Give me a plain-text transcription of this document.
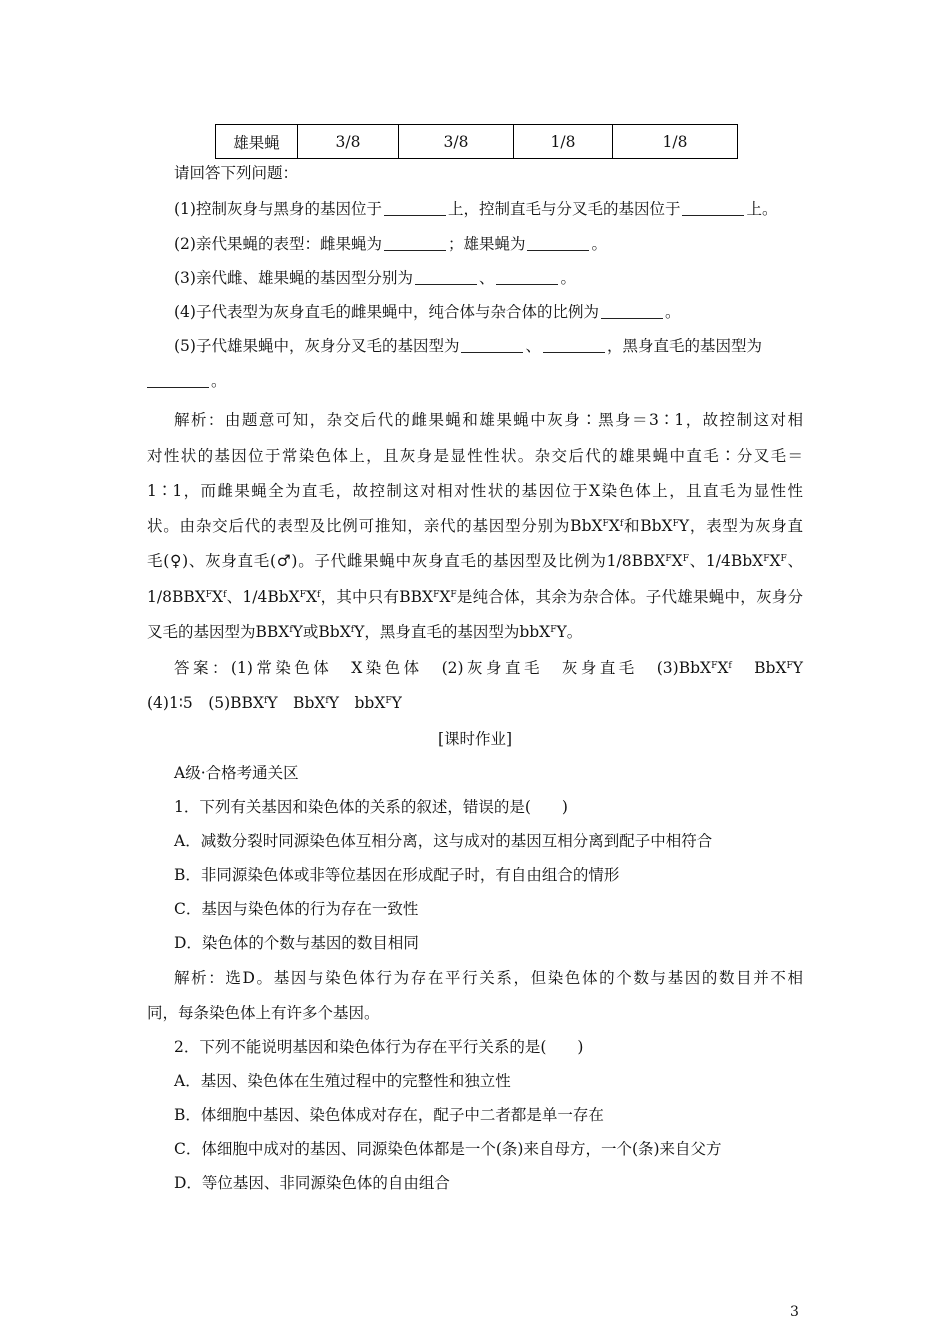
雄果蝇	3/8	3/8	1/8	1/8
请回答下列问题：
(1)控制灰身与黑身的基因位于	上，控制直毛与分叉毛的基因位于	上。
(2)亲代果蝇的表型：雌果蝇为	；雄果蝇为	。
(3)亲代雌、雄果蝇的基因型分别为	、	。
(4)子代表型为灰身直毛的雌果蝇中，纯合体与杂合体的比例为	。
(5)子代雄果蝇中，灰身分叉毛的基因型为	、	，黑身直毛的基因型为
。
解析：由题意可知，杂交后代的雌果蝇和雄果蝇中灰身∶黑身＝3∶1，故控制这对相
对性状的基因位于常染色体上，且灰身是显性性状。杂交后代的雄果蝇中直毛∶分叉毛＝
1∶1，而雌果蝇全为直毛，故控制这对相对性状的基因位于X染色体上，且直毛为显性性
状。由杂交后代的表型及比例可推知，亲代的基因型分别为$BbX^FX^f$和BbX$^F$Y，表型为灰身直
毛(♀)、灰身直毛(♂)。子代雌果蝇中灰身直毛的基因型及比例为$1/8BBX^FX^F$、$1/4BbX^FX^F$、
$1/8BBX^FX^f$、$1/4BbX^FX^f$，其中只有$BBX^FX^F$是纯合体，其余为杂合体。子代雄果蝇中，灰身分
叉毛的基因型为BBX$^f$Y或BbX$^f$Y，黑身直毛的基因型为bbX$^F$Y。
答案：(1)常染色体　X染色体　(2)灰身直毛　灰身直毛　$(3)BbX^FX^f$　BbX$^F$Y
(4)1∶5　(5)BBX$^f$Y　BbX$^f$Y　bbX$^F$Y
[课时作业]
A级·合格考通关区
1．下列有关基因和染色体的关系的叙述，错误的是(　　)
A．减数分裂时同源染色体互相分离，这与成对的基因互相分离到配子中相符合
B．非同源染色体或非等位基因在形成配子时，有自由组合的情形
C．基因与染色体的行为存在一致性
D．染色体的个数与基因的数目相同
解析：选D。基因与染色体行为存在平行关系，但染色体的个数与基因的数目并不相
同，每条染色体上有许多个基因。
2．下列不能说明基因和染色体行为存在平行关系的是(　　)
A．基因、染色体在生殖过程中的完整性和独立性
B．体细胞中基因、染色体成对存在，配子中二者都是单一存在
C．体细胞中成对的基因、同源染色体都是一个(条)来自母方，一个(条)来自父方
D．等位基因、非同源染色体的自由组合
3
